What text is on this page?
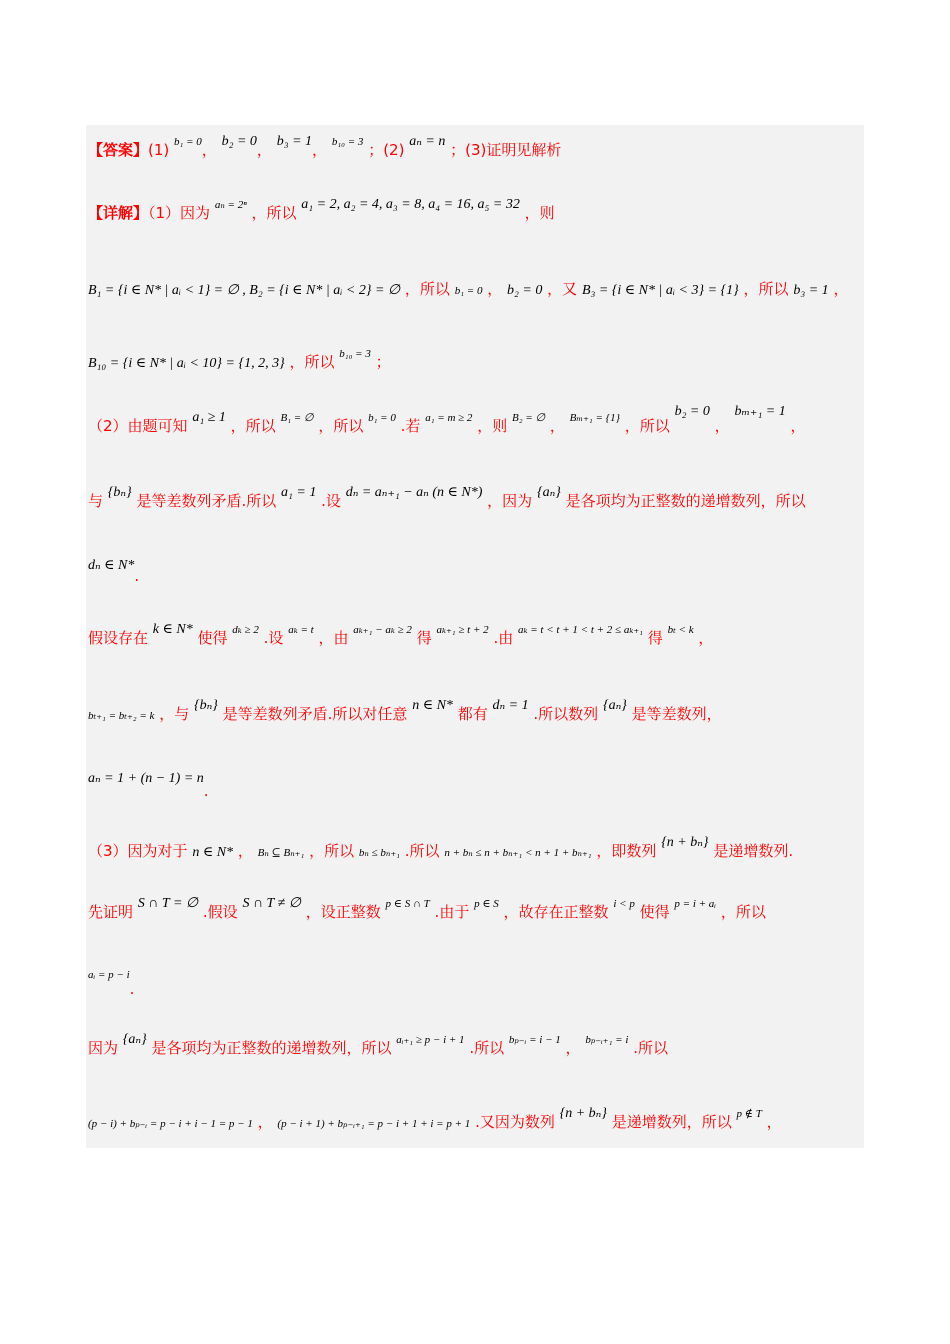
【答案】(1) $^{b_1 = 0}$， b₂ = 0， b₃ = 1， $^{b_{10} = 3}$ ；(2) aₙ = n ；(3)证明见解析
【详解】（1）因为 $^{a_n = 2^n}$ ，所以 a₁ = 2, a₂ = 4, a₃ = 8, a₄ = 16, a₅ = 32 ，则
B₁ = {i ∈ N* | aᵢ < 1} = ∅ , B₂ = {i ∈ N* | aᵢ < 2} = ∅ ，所以 b₁ = 0 ， b₂ = 0 ，又 B₃ = {i ∈ N* | aᵢ < 3} = {1} ，所以 b₃ = 1 ，
B₁₀ = {i ∈ N* | aᵢ < 10} = {1, 2, 3} ，所以 $^{b_{10} = 3}$ ；
（2）由题可知 a₁ ≥ 1 ，所以 $^{B_1 = \emptyset}$ ，所以 $^{b_1 = 0}$ .若 $^{a_1 = m \ge 2}$ ，则 $^{B_2 = \emptyset}$ ， $^{B_{m+1} = \{1\}}$ ，所以 b₂ = 0 ， bₘ₊₁ = 1 ，
与 {bₙ} 是等差数列矛盾.所以 a₁ = 1 .设 dₙ = aₙ₊₁ − aₙ (n ∈ N*) ，因为 {aₙ} 是各项均为正整数的递增数列，所以
dₙ ∈ N*.
假设存在 k ∈ N* 使得 $^{d_k \ge 2}$ .设 $^{a_k = t}$ ，由 $^{a_{k+1} - a_k \ge 2}$ 得 $^{a_{k+1} \ge t + 2}$ .由 $^{a_k = t < t + 1 < t + 2 \le a_{k+1}}$ 得 $^{b_t < k}$ ，
bₜ₊₁ = bₜ₊₂ = k ，与 {bₙ} 是等差数列矛盾.所以对任意 n ∈ N* 都有 dₙ = 1 .所以数列 {aₙ} 是等差数列，
aₙ = 1 + (n − 1) = n.
（3）因为对于 n ∈ N* ， Bₙ ⊆ Bₙ₊₁ ，所以 bₙ ≤ bₙ₊₁ .所以 n + bₙ ≤ n + bₙ₊₁ < n + 1 + bₙ₊₁ ，即数列 {n + bₙ} 是递增数列.
先证明 S ∩ T = ∅ .假设 S ∩ T ≠ ∅ ，设正整数 $^{p \in S \cap T}$ .由于 $^{p \in S}$ ，故存在正整数 $^{i < p}$ 使得 $^{p = i + aᵢ}$ ，所以
aᵢ = p − i.
因为 {aₙ} 是各项均为正整数的递增数列，所以 $^{aᵢ_{+1} \ge p - i + 1}$ .所以 $^{b_{p-}ᵢ = i - 1}$ ， $^{b_{p-}ᵢ_{+1} = i}$ .所以
(p − i) + bₚ₋ᵢ = p − i + i − 1 = p − 1 ， (p − i + 1) + bₚ₋ᵢ₊₁ = p − i + 1 + i = p + 1 .又因为数列 {n + bₙ} 是递增数列，所以 $^{p \notin T}$ ，
